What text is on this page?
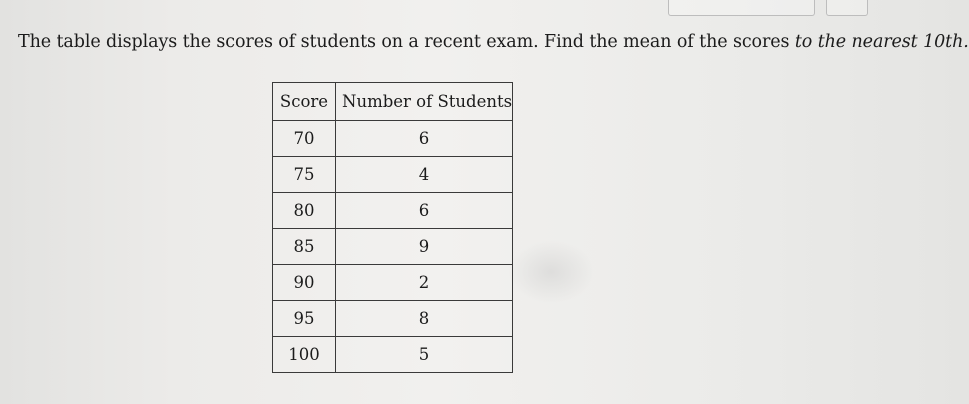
The table displays the scores of students on a recent exam. Find the mean of the scores to the nearest 10th.

Score	Number of Students
70	6
75	4
80	6
85	9
90	2
95	8
100	5
